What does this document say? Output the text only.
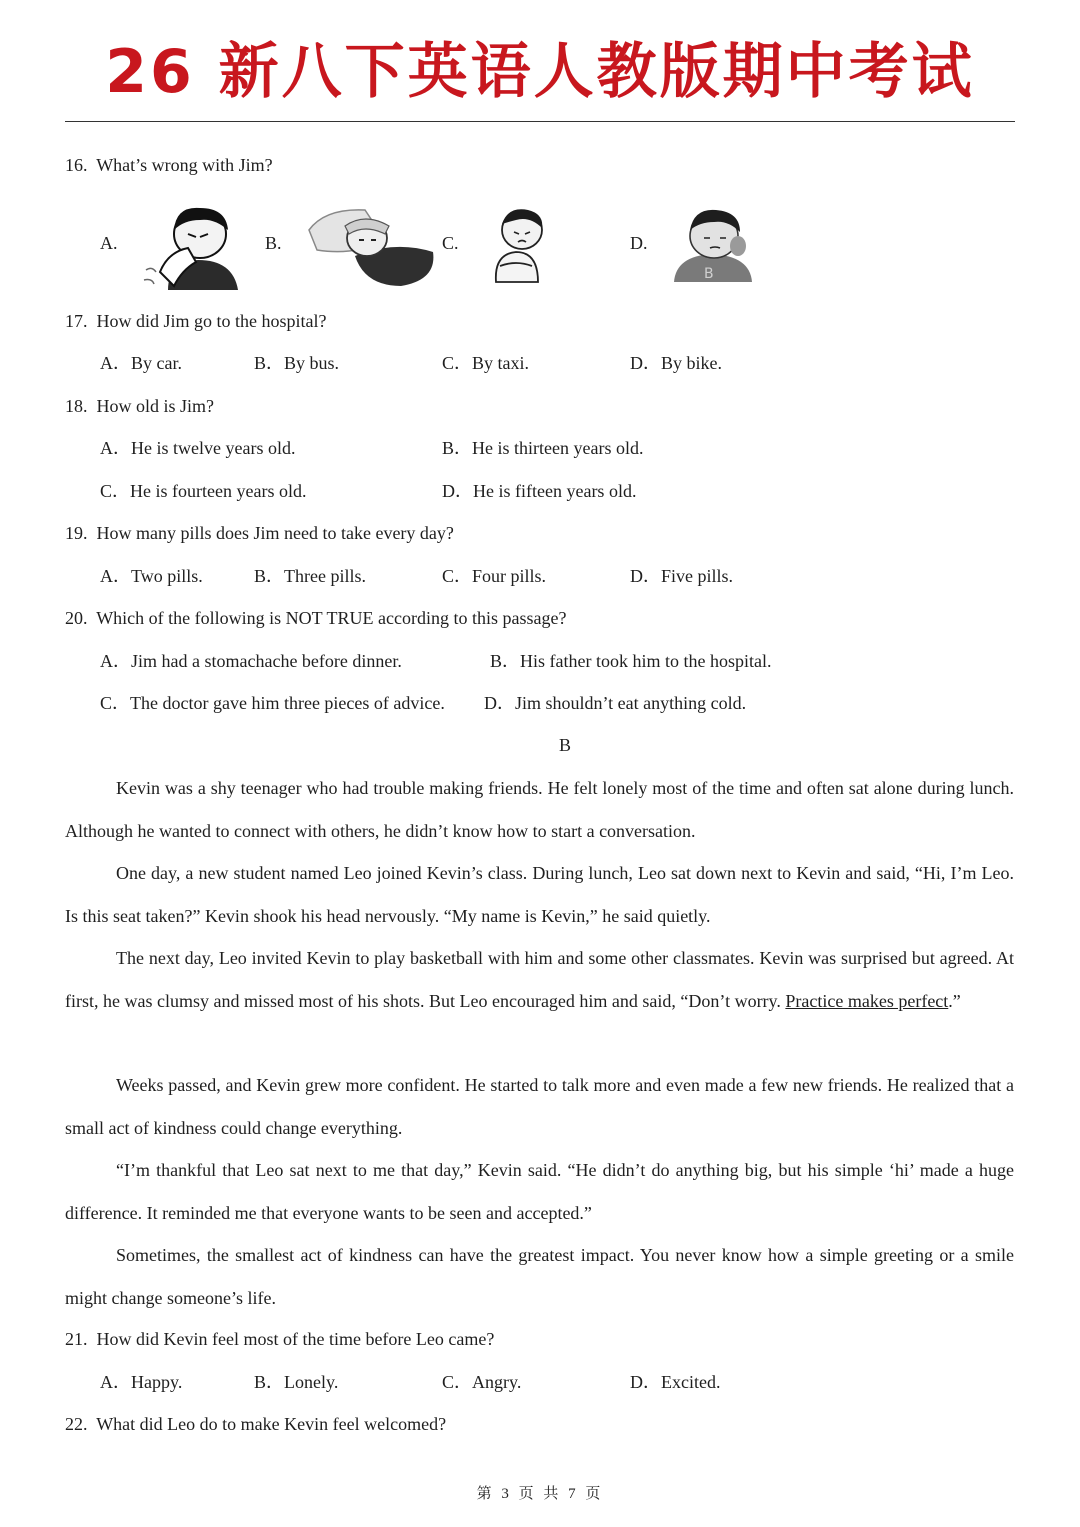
26 新八下英语人教版期中考试
16. What’s wrong with Jim?
A.	B.	C.	D.
B
17. How did Jim go to the hospital?
A．By car.	B．By bus.	C．By taxi.	D．By bike.
18. How old is Jim?
A．He is twelve years old.	B．He is thirteen years old.
C．He is fourteen years old.	D．He is fifteen years old.
19. How many pills does Jim need to take every day?
A．Two pills.	B．Three pills.	C．Four pills.	D．Five pills.
20. Which of the following is NOT TRUE according to this passage?
A．Jim had a stomachache before dinner.	B．His father took him to the hospital.
C．The doctor gave him three pieces of advice. D．Jim shouldn’t eat anything cold.
B
Kevin was a shy teenager who had trouble making friends. He felt lonely most of the time and often sat alone during lunch. Although he wanted to connect with others, he didn’t know how to start a conversation.
One day, a new student named Leo joined Kevin’s class. During lunch, Leo sat down next to Kevin and said, “Hi, I’m Leo. Is this seat taken?” Kevin shook his head nervously. “My name is Kevin,” he said quietly.
The next day, Leo invited Kevin to play basketball with him and some other classmates. Kevin was surprised but agreed. At first, he was clumsy and missed most of his shots. But Leo encouraged him and said, “Don’t worry. Practice makes perfect.”
Weeks passed, and Kevin grew more confident. He started to talk more and even made a few new friends. He realized that a small act of kindness could change everything.
“I’m thankful that Leo sat next to me that day,” Kevin said. “He didn’t do anything big, but his simple ‘hi’ made a huge difference. It reminded me that everyone wants to be seen and accepted.”
Sometimes, the smallest act of kindness can have the greatest impact. You never know how a simple greeting or a smile might change someone’s life.
21. How did Kevin feel most of the time before Leo came?
A．Happy.	B．Lonely.	C．Angry.	D．Excited.
22. What did Leo do to make Kevin feel welcomed?
第 3 页 共 7 页
